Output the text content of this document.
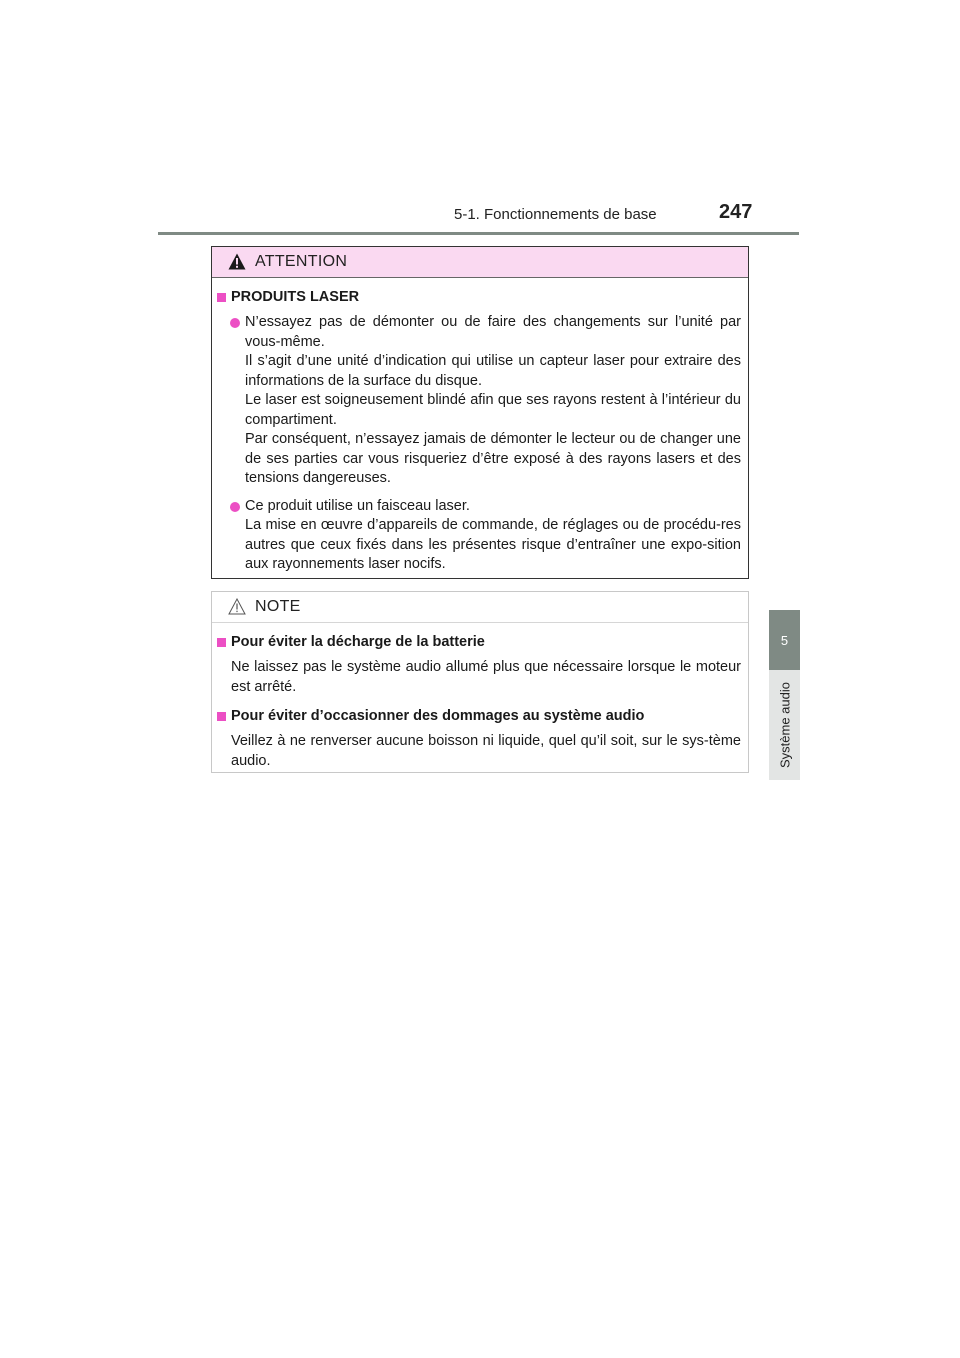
5-1. Fonctionnements de base	247
5
Système audio
ATTENTION
PRODUITS LASER
N’essayez pas de démonter ou de faire des changements sur l’unité par vous-même.
Il s’agit d’une unité d’indication qui utilise un capteur laser pour extraire des informations de la surface du disque.
Le laser est soigneusement blindé afin que ses rayons restent à l’intérieur du compartiment.
Par conséquent, n’essayez jamais de démonter le lecteur ou de changer une de ses parties car vous risqueriez d’être exposé à des rayons lasers et des tensions dangereuses.
Ce produit utilise un faisceau laser.
La mise en œuvre d’appareils de commande, de réglages ou de procédu-res autres que ceux fixés dans les présentes risque d’entraîner une expo-sition aux rayonnements laser nocifs.
NOTE
Pour éviter la décharge de la batterie
Ne laissez pas le système audio allumé plus que nécessaire lorsque le moteur est arrêté.
Pour éviter d’occasionner des dommages au système audio
Veillez à ne renverser aucune boisson ni liquide, quel qu’il soit, sur le sys-tème audio.
